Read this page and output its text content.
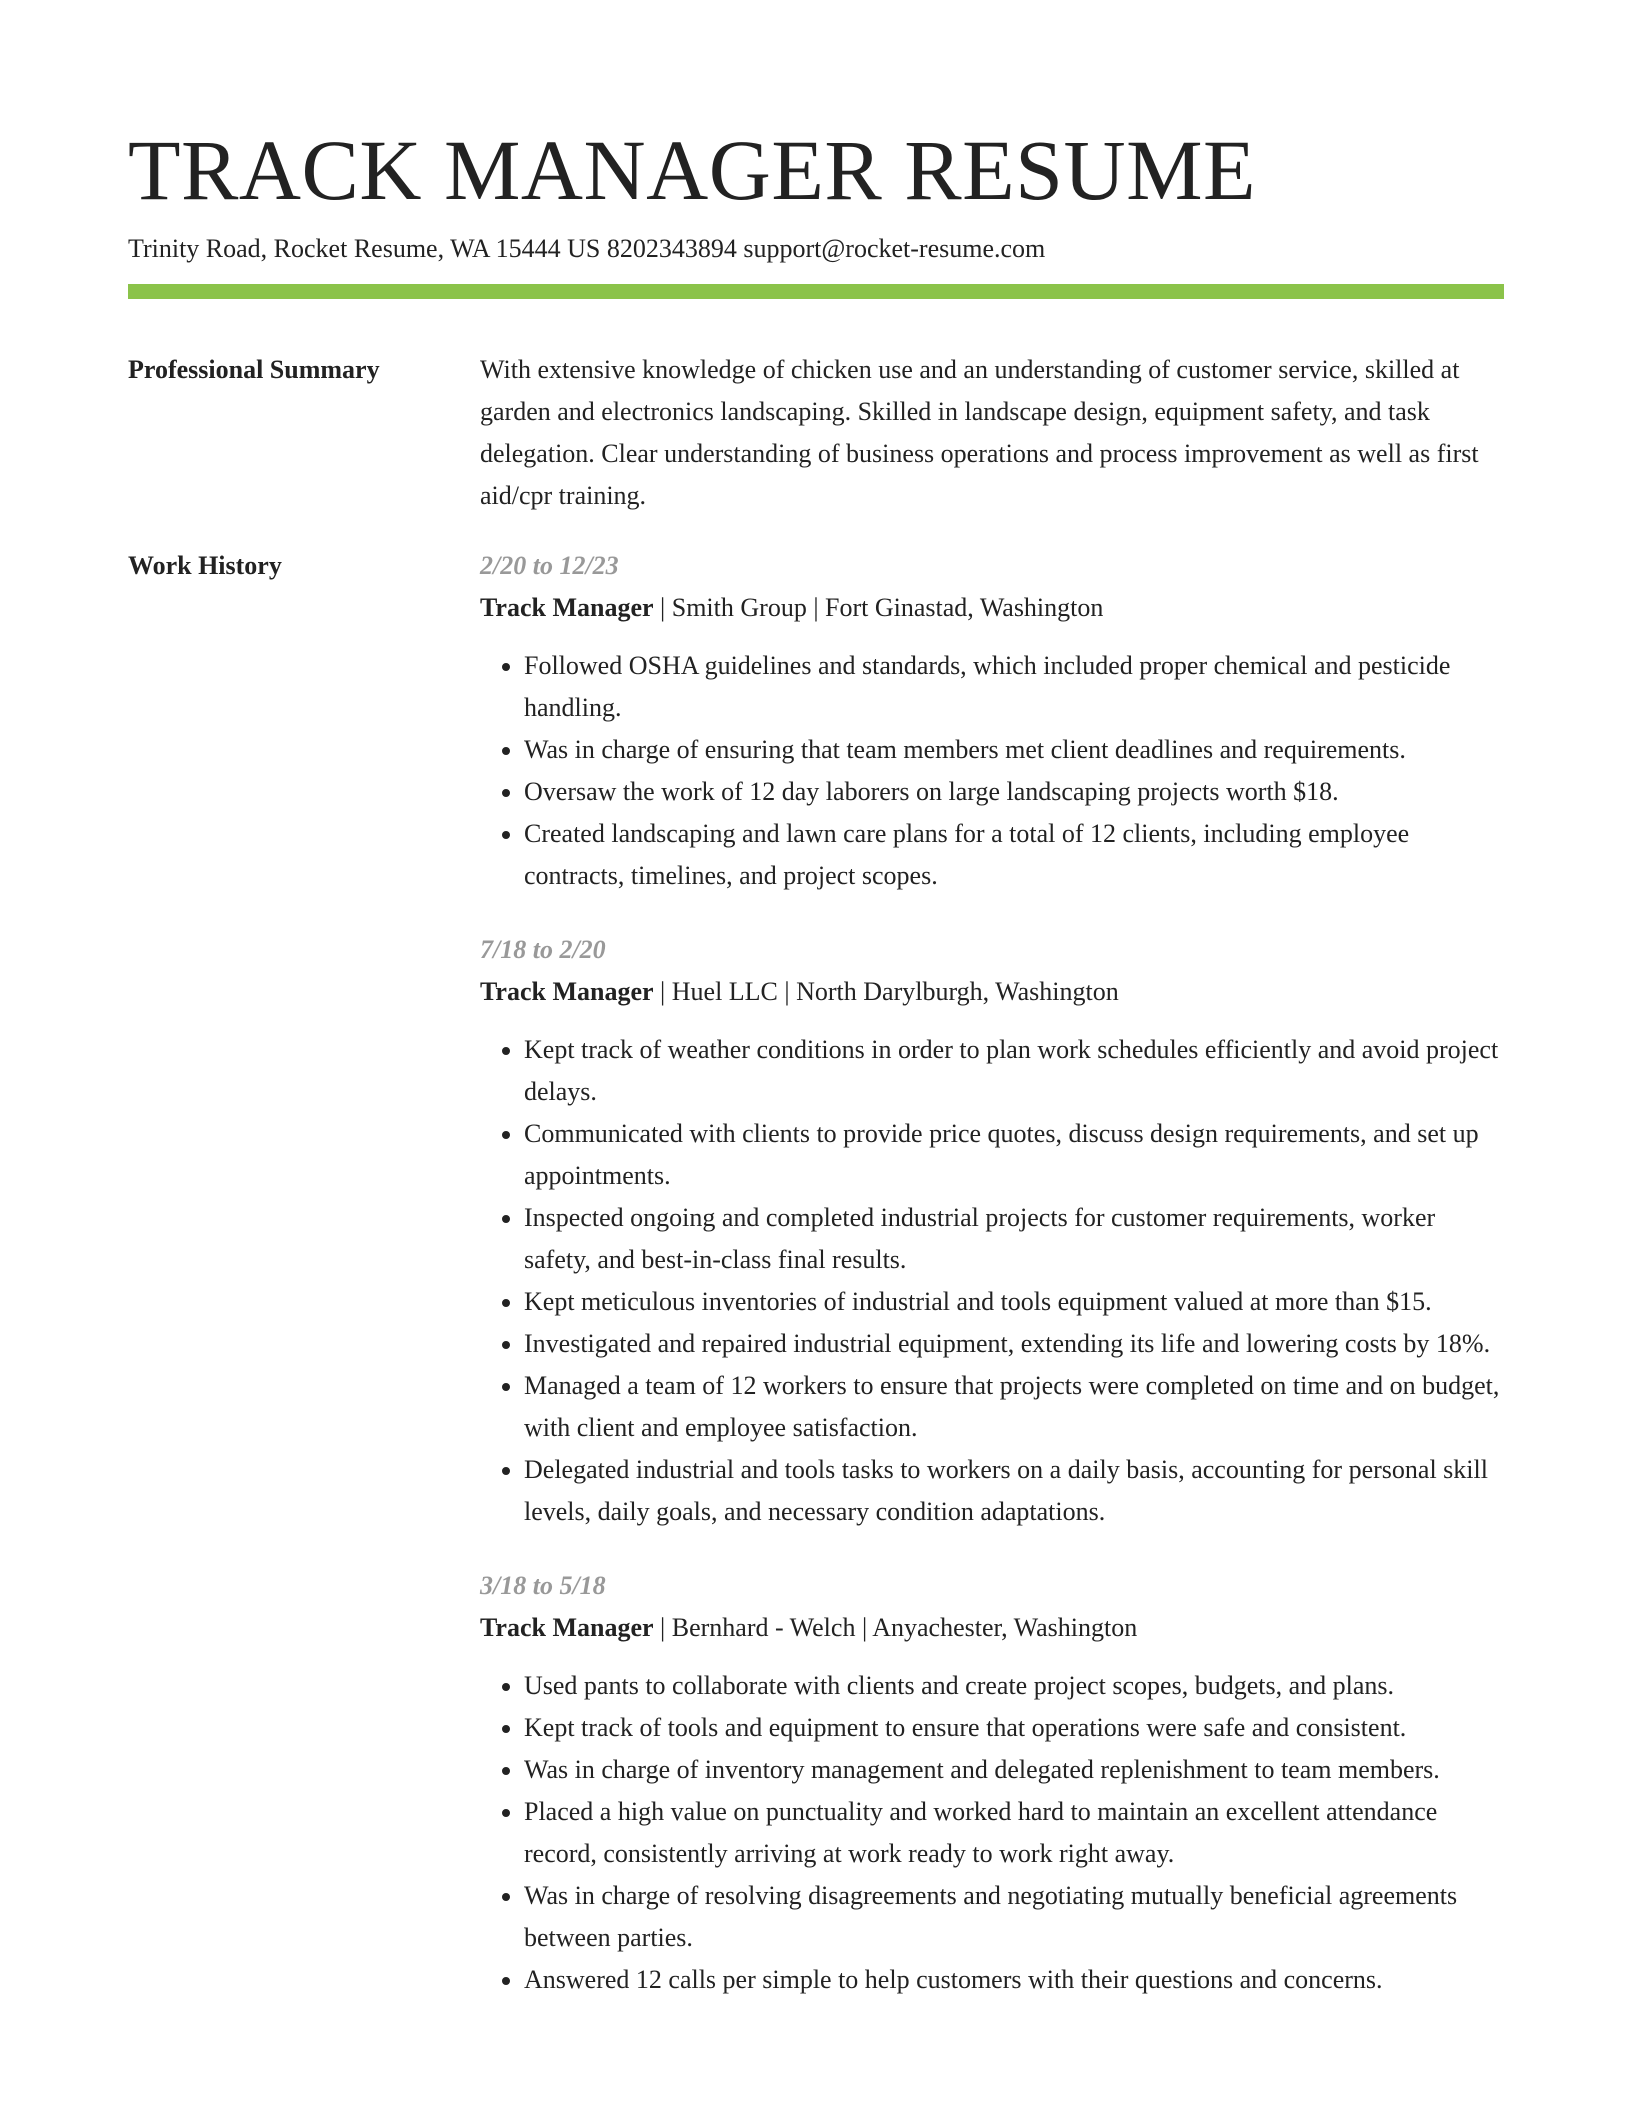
TRACK MANAGER RESUME
Trinity Road, Rocket Resume, WA 15444 US 8202343894 support@rocket-resume.com
Professional Summary	With extensive knowledge of chicken use and an understanding of customer service, skilled at garden and electronics landscaping. Skilled in landscape design, equipment safety, and task delegation. Clear understanding of business operations and process improvement as well as first aid/cpr training.

Work History	2/20 to 12/23
Track Manager | Smith Group | Fort Ginastad, Washington
• Followed OSHA guidelines and standards, which included proper chemical and pesticide handling.
• Was in charge of ensuring that team members met client deadlines and requirements.
• Oversaw the work of 12 day laborers on large landscaping projects worth $18.
• Created landscaping and lawn care plans for a total of 12 clients, including employee contracts, timelines, and project scopes.
7/18 to 2/20
Track Manager | Huel LLC | North Darylburgh, Washington
• Kept track of weather conditions in order to plan work schedules efficiently and avoid project delays.
• Communicated with clients to provide price quotes, discuss design requirements, and set up appointments.
• Inspected ongoing and completed industrial projects for customer requirements, worker safety, and best-in-class final results.
• Kept meticulous inventories of industrial and tools equipment valued at more than $15.
• Investigated and repaired industrial equipment, extending its life and lowering costs by 18%.
• Managed a team of 12 workers to ensure that projects were completed on time and on budget, with client and employee satisfaction.
• Delegated industrial and tools tasks to workers on a daily basis, accounting for personal skill levels, daily goals, and necessary condition adaptations.
3/18 to 5/18
Track Manager | Bernhard - Welch | Anyachester, Washington
• Used pants to collaborate with clients and create project scopes, budgets, and plans.
• Kept track of tools and equipment to ensure that operations were safe and consistent.
• Was in charge of inventory management and delegated replenishment to team members.
• Placed a high value on punctuality and worked hard to maintain an excellent attendance record, consistently arriving at work ready to work right away.
• Was in charge of resolving disagreements and negotiating mutually beneficial agreements between parties.
• Answered 12 calls per simple to help customers with their questions and concerns.
